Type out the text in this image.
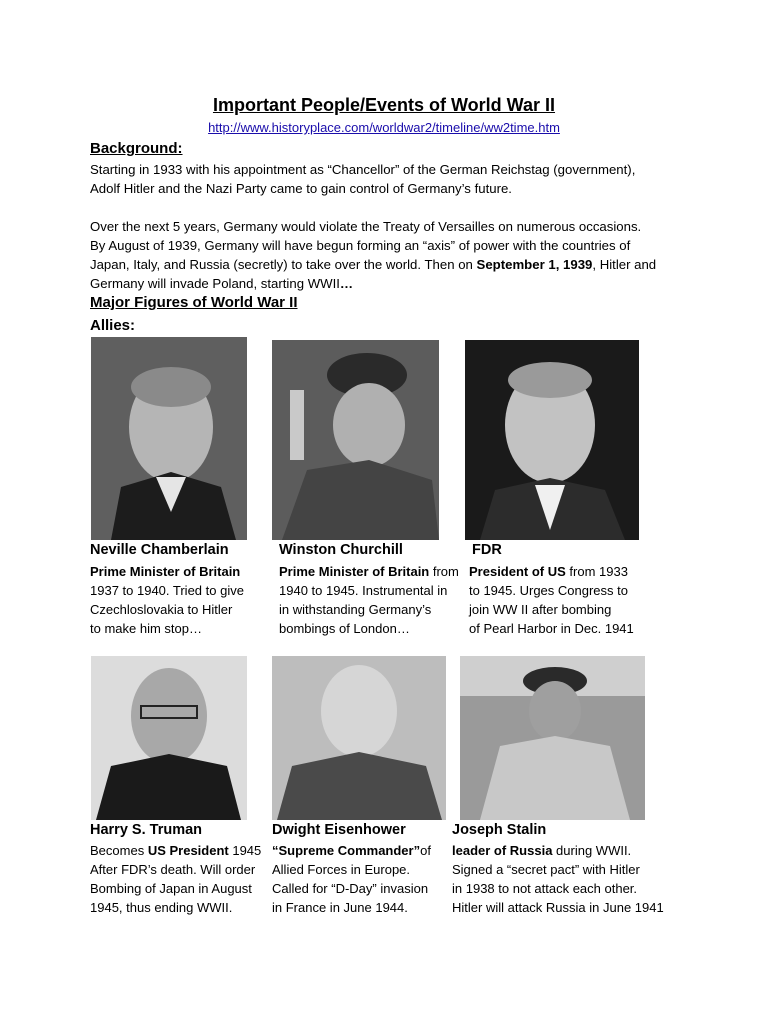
Important People/Events of World War II
http://www.historyplace.com/worldwar2/timeline/ww2time.htm
Background:
Starting in 1933 with his appointment as “Chancellor” of the German Reichstag (government),
Adolf Hitler and the Nazi Party came to gain control of Germany’s future.
Over the next 5 years, Germany would violate the Treaty of Versailles on numerous occasions.
By August of 1939, Germany will have begun forming an “axis” of power with the countries of
Japan, Italy, and Russia (secretly) to take over the world. Then on September 1, 1939, Hitler and
Germany will invade Poland, starting WWII…
Major Figures of World War II
Allies:
Neville Chamberlain
Prime Minister of Britain
1937 to 1940. Tried to give
Czechloslovakia to Hitler
to make him stop…
Winston Churchill
Prime Minister of Britain from
1940 to 1945. Instrumental in
in withstanding Germany’s
bombings of London…
FDR
President of US from 1933
to 1945. Urges Congress to
join WW II after bombing
of Pearl Harbor in Dec. 1941
Harry S. Truman
Becomes US President 1945
After FDR’s death. Will order
Bombing of Japan in August
1945, thus ending WWII.
Dwight Eisenhower
“Supreme Commander”of
Allied Forces in Europe.
Called for “D-Day” invasion
in France in June 1944.
Joseph Stalin
leader of Russia during WWII.
Signed a “secret pact” with Hitler
in 1938 to not attack each other.
Hitler will attack Russia in June 1941
